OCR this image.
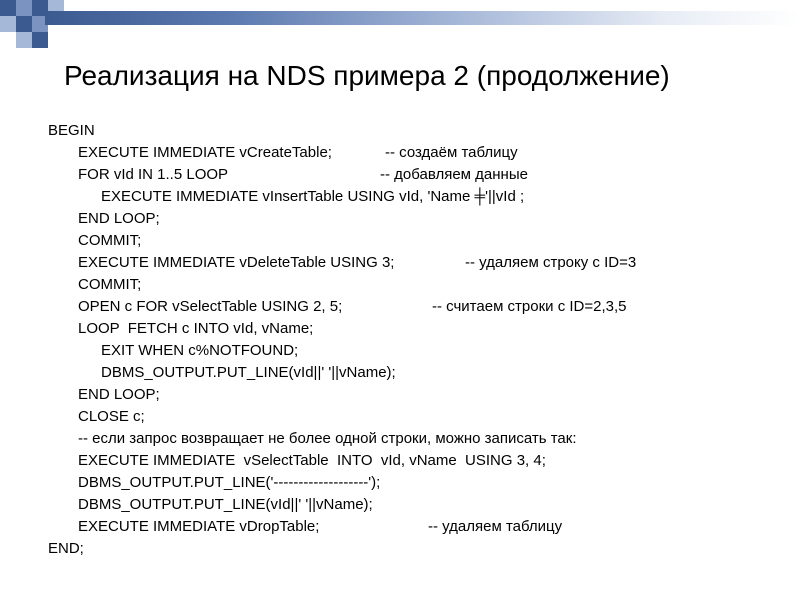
Реализация на NDS примера 2 (продолжение)
BEGIN
EXECUTE IMMEDIATE vCreateTable;	-- создаём таблицу
FOR vId IN 1..5 LOOP	-- добавляем данные
EXECUTE IMMEDIATE vInsertTable USING vId, 'Name ╪'||vId ;
END LOOP;
COMMIT;
EXECUTE IMMEDIATE vDeleteTable USING 3;	-- удаляем строку с ID=3
COMMIT;
OPEN c FOR vSelectTable USING 2, 5;	-- считаем строки с ID=2,3,5
LOOP  FETCH c INTO vId, vName;
EXIT WHEN c%NOTFOUND;
DBMS_OUTPUT.PUT_LINE(vId||' '||vName);
END LOOP;
CLOSE c;
-- если запрос возвращает не более одной строки, можно записать так:
EXECUTE IMMEDIATE  vSelectTable  INTO  vId, vName  USING 3, 4;
DBMS_OUTPUT.PUT_LINE('-------------------');
DBMS_OUTPUT.PUT_LINE(vId||' '||vName);
EXECUTE IMMEDIATE vDropTable;	-- удаляем таблицу
END;
